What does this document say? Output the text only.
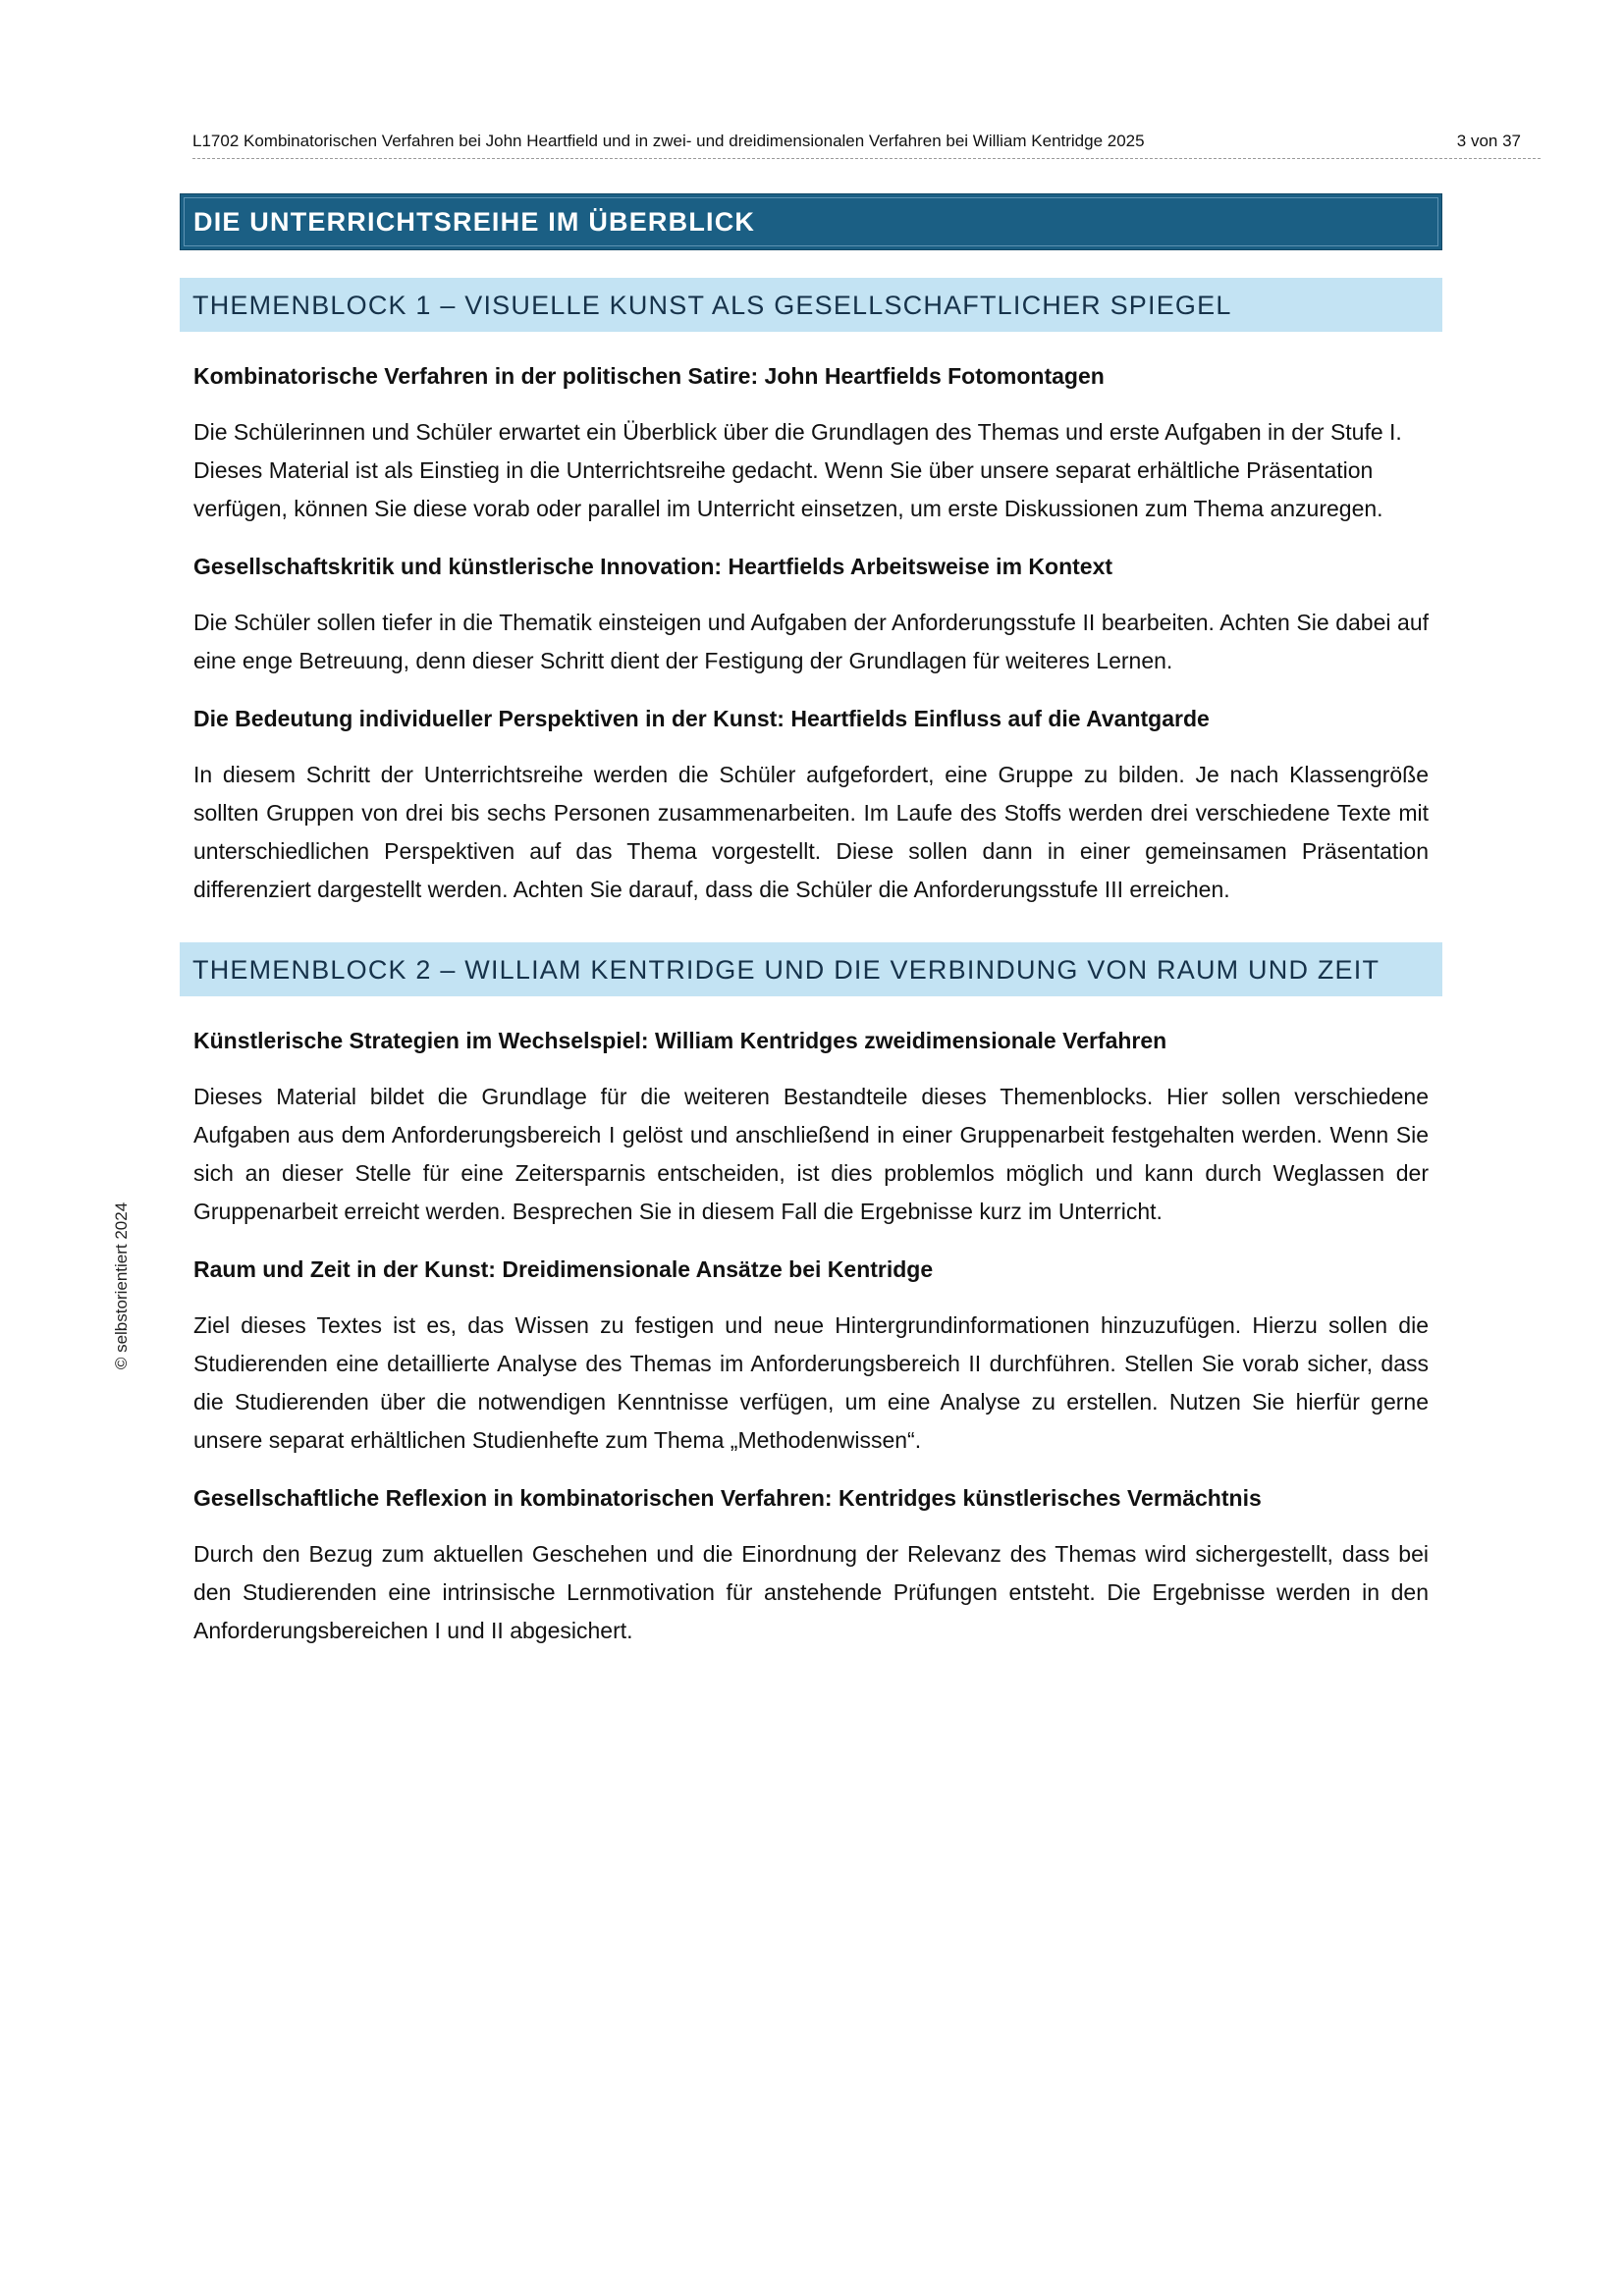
L1702 Kombinatorischen Verfahren bei John Heartfield und in zwei- und dreidimensionalen Verfahren bei William Kentridge 2025	3 von 37
© selbstorientiert 2024
DIE UNTERRICHTSREIHE IM ÜBERBLICK
THEMENBLOCK 1 – VISUELLE KUNST ALS GESELLSCHAFTLICHER SPIEGEL
Kombinatorische Verfahren in der politischen Satire: John Heartfields Fotomontagen
Die Schülerinnen und Schüler erwartet ein Überblick über die Grundlagen des Themas und erste Aufgaben in der Stufe I. Dieses Material ist als Einstieg in die Unterrichtsreihe gedacht. Wenn Sie über unsere separat erhältliche Präsentation verfügen, können Sie diese vorab oder parallel im Unterricht einsetzen, um erste Diskussionen zum Thema anzuregen.
Gesellschaftskritik und künstlerische Innovation: Heartfields Arbeitsweise im Kontext
Die Schüler sollen tiefer in die Thematik einsteigen und Aufgaben der Anforderungsstufe II bearbeiten. Achten Sie dabei auf eine enge Betreuung, denn dieser Schritt dient der Festigung der Grundlagen für weiteres Lernen.
Die Bedeutung individueller Perspektiven in der Kunst: Heartfields Einfluss auf die Avantgarde
In diesem Schritt der Unterrichtsreihe werden die Schüler aufgefordert, eine Gruppe zu bilden. Je nach Klassengröße sollten Gruppen von drei bis sechs Personen zusammenarbeiten. Im Laufe des Stoffs werden drei verschiedene Texte mit unterschiedlichen Perspektiven auf das Thema vorgestellt. Diese sollen dann in einer gemeinsamen Präsentation differenziert dargestellt werden. Achten Sie darauf, dass die Schüler die Anforderungsstufe III erreichen.
THEMENBLOCK 2 – WILLIAM KENTRIDGE UND DIE VERBINDUNG VON RAUM UND ZEIT
Künstlerische Strategien im Wechselspiel: William Kentridges zweidimensionale Verfahren
Dieses Material bildet die Grundlage für die weiteren Bestandteile dieses Themenblocks. Hier sollen verschiedene Aufgaben aus dem Anforderungsbereich I gelöst und anschließend in einer Gruppenarbeit festgehalten werden. Wenn Sie sich an dieser Stelle für eine Zeitersparnis entscheiden, ist dies problemlos möglich und kann durch Weglassen der Gruppenarbeit erreicht werden. Besprechen Sie in diesem Fall die Ergebnisse kurz im Unterricht.
Raum und Zeit in der Kunst: Dreidimensionale Ansätze bei Kentridge
Ziel dieses Textes ist es, das Wissen zu festigen und neue Hintergrundinformationen hinzuzufügen. Hierzu sollen die Studierenden eine detaillierte Analyse des Themas im Anforderungsbereich II durchführen. Stellen Sie vorab sicher, dass die Studierenden über die notwendigen Kenntnisse verfügen, um eine Analyse zu erstellen. Nutzen Sie hierfür gerne unsere separat erhältlichen Studienhefte zum Thema „Methodenwissen“.
Gesellschaftliche Reflexion in kombinatorischen Verfahren: Kentridges künstlerisches Vermächtnis
Durch den Bezug zum aktuellen Geschehen und die Einordnung der Relevanz des Themas wird sichergestellt, dass bei den Studierenden eine intrinsische Lernmotivation für anstehende Prüfungen entsteht. Die Ergebnisse werden in den Anforderungsbereichen I und II abgesichert.
